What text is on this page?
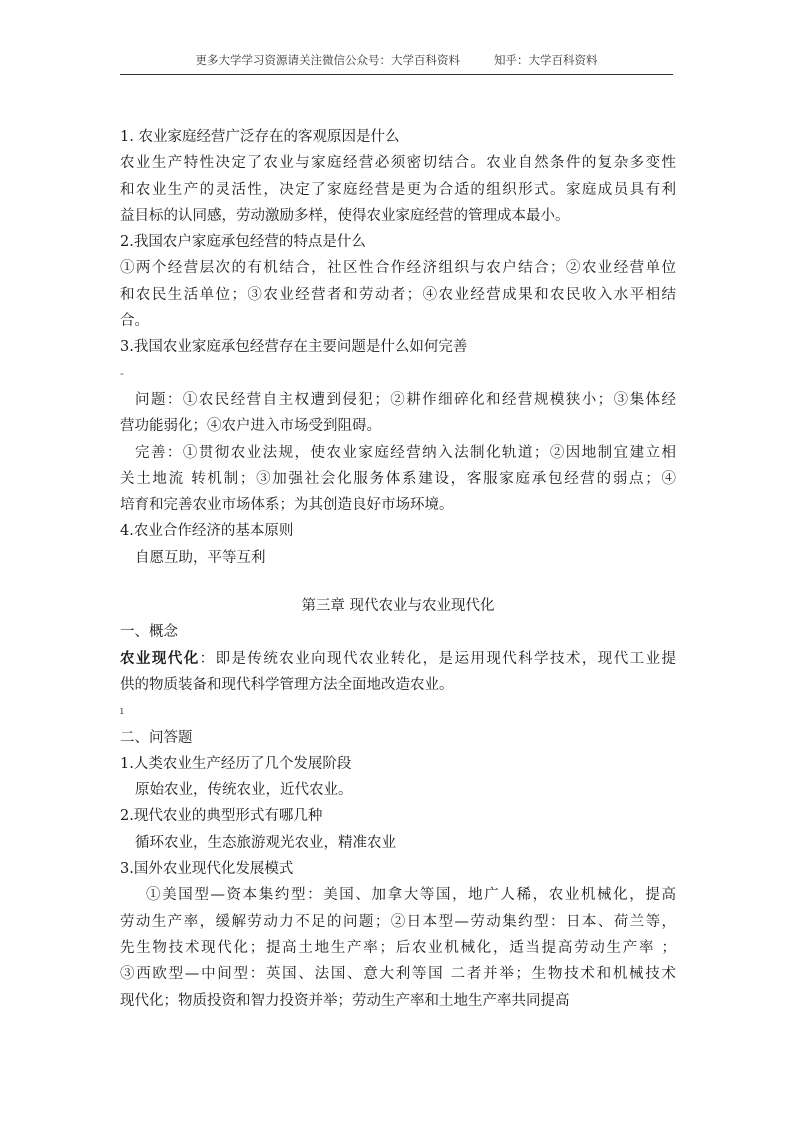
更多大学学习资源请关注微信公众号：大学百科资料	知乎：大学百科资料
1. 农业家庭经营广泛存在的客观原因是什么
农业生产特性决定了农业与家庭经营必须密切结合。农业自然条件的复杂多变性
和农业生产的灵活性，决定了家庭经营是更为合适的组织形式。家庭成员具有利
益目标的认同感，劳动激励多样，使得农业家庭经营的管理成本最小。
2.我国农户家庭承包经营的特点是什么
①两个经营层次的有机结合，社区性合作经济组织与农户结合；②农业经营单位
和农民生活单位；③农业经营者和劳动者；④农业经营成果和农民收入水平相结
合。
3.我国农业家庭承包经营存在主要问题是什么如何完善
-
问题：①农民经营自主权遭到侵犯；②耕作细碎化和经营规模狭小；③集体经
营功能弱化；④农户进入市场受到阻碍。
完善：①贯彻农业法规，使农业家庭经营纳入法制化轨道；②因地制宜建立相
关土地流 转机制；③加强社会化服务体系建设，客服家庭承包经营的弱点；④
培育和完善农业市场体系；为其创造良好市场环境。
4.农业合作经济的基本原则
自愿互助，平等互利
第三章 现代农业与农业现代化
一、概念
农业现代化：即是传统农业向现代农业转化，是运用现代科学技术，现代工业提
供的物质装备和现代科学管理方法全面地改造农业。
ı
二、问答题
1.人类农业生产经历了几个发展阶段
原始农业，传统农业，近代农业。
2.现代农业的典型形式有哪几种
循环农业，生态旅游观光农业，精准农业
3.国外农业现代化发展模式
①美国型—资本集约型：美国、加拿大等国，地广人稀，农业机械化，提高
劳动生产率，缓解劳动力不足的问题；②日本型—劳动集约型：日本、荷兰等，
先生物技术现代化；提高土地生产率；后农业机械化，适当提高劳动生产率 ；
③西欧型—中间型：英国、法国、意大利等国 二者并举；生物技术和机械技术
现代化；物质投资和智力投资并举；劳动生产率和土地生产率共同提高
